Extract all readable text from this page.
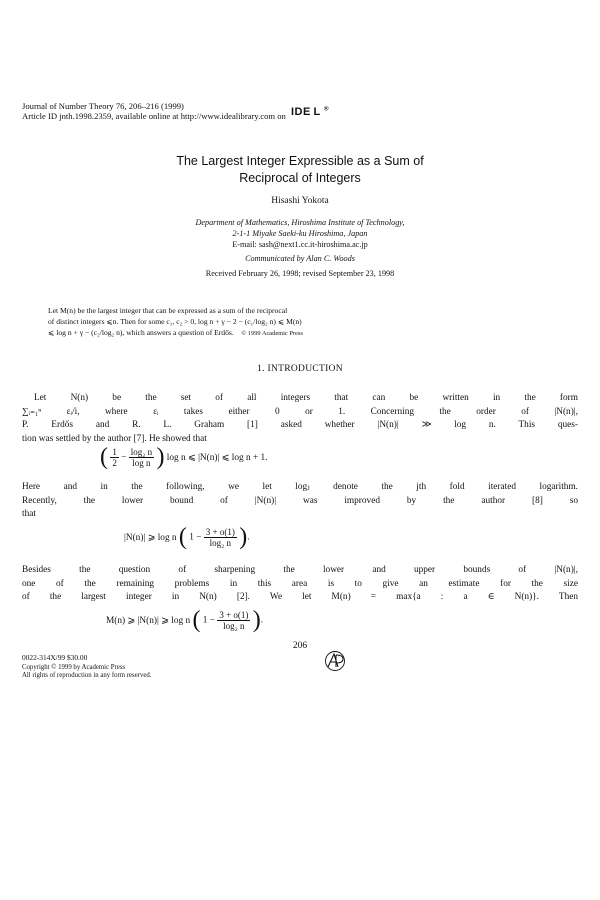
Journal of Number Theory 76, 206–216 (1999)
Article ID jnth.1998.2359, available online at http://www.idealibrary.com on IDE L ®
The Largest Integer Expressible as a Sum of
Reciprocal of Integers
Hisashi Yokota
Department of Mathematics, Hiroshima Institute of Technology,
2-1-1 Miyake Saeki-ku Hiroshima, Japan
E-mail: sash@next1.cc.it-hiroshima.ac.jp
Communicated by Alan C. Woods
Received February 26, 1998; revised September 23, 1998
Let M(n) be the largest integer that can be expressed as a sum of the reciprocal
of distinct integers ⩽n. Then for some c₁, c₂ > 0, log n + γ − 2 − (c₁/log₂ n) ⩽ M(n)
⩽ log n + γ − (c₂/log₂ n), which answers a question of Erdős. © 1999 Academic Press
1. INTRODUCTION
Let N(n) be the set of all integers that can be written in the form
∑ᵢ₌₁ⁿ εᵢ/i, where εᵢ takes either 0 or 1. Concerning the order of |N(n)|,
P. Erdős and R. L. Graham [1] asked whether |N(n)| ≫ log n. This ques-
tion was settled by the author [7]. He showed that
( $\frac{1}{2} - \frac{\text{log₂ n}}{\text{log n}}$ ) log n ⩽ |N(n)| ⩽ log n + 1.
Here and in the following, we let logⱼ denote the jth fold iterated logarithm.
Recently, the lower bound of |N(n)| was improved by the author [8] so
that
|N(n)| ⩾ log n ( $1 - \frac{3 + o(1)}{\text{log₂ n}}$ ).
Besides the question of sharpening the lower and upper bounds of |N(n)|,
one of the remaining problems in this area is to give an estimate for the size
of the largest integer in N(n) [2]. We let M(n) = max{a : a ∈ N(n)}. Then
M(n) ⩾ |N(n)| ⩾ log n ( $1 - \frac{3 + o(1)}{\text{log₂ n}}$ ).
206
0022-314X/99 $30.00
Copyright © 1999 by Academic Press
All rights of reproduction in any form reserved.
